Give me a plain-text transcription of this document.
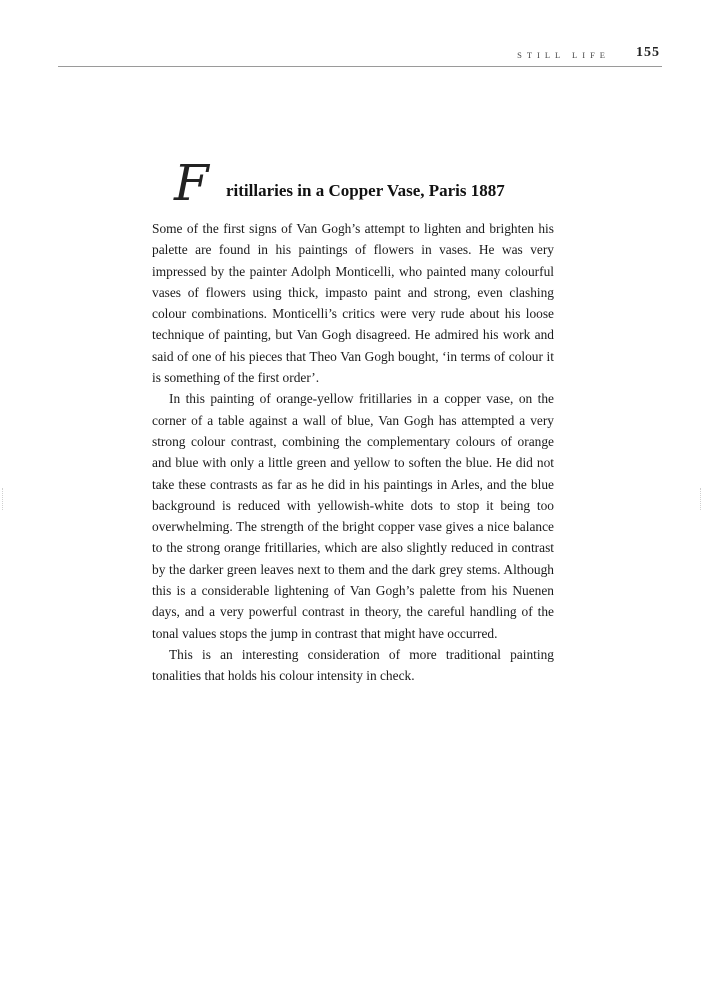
STILL LIFE 155
F ritillaries in a Copper Vase, Paris 1887

Some of the first signs of Van Gogh’s attempt to lighten and brighten his palette are found in his paintings of flowers in vases. He was very impressed by the painter Adolph Monticelli, who painted many colourful vases of flowers using thick, impasto paint and strong, even clashing colour combinations. Monticelli’s critics were very rude about his loose technique of painting, but Van Gogh disagreed. He admired his work and said of one of his pieces that Theo Van Gogh bought, ‘in terms of colour it is something of the first order’.

In this painting of orange-yellow fritillaries in a copper vase, on the corner of a table against a wall of blue, Van Gogh has attempted a very strong colour contrast, combining the complementary colours of orange and blue with only a little green and yellow to soften the blue. He did not take these contrasts as far as he did in his paintings in Arles, and the blue background is reduced with yellowish-white dots to stop it being too overwhelming. The strength of the bright copper vase gives a nice balance to the strong orange fritillaries, which are also slightly reduced in contrast by the darker green leaves next to them and the dark grey stems. Although this is a considerable lightening of Van Gogh’s palette from his Nuenen days, and a very powerful contrast in theory, the careful handling of the tonal values stops the jump in contrast that might have occurred.

This is an interesting consideration of more traditional painting tonalities that holds his colour intensity in check.
